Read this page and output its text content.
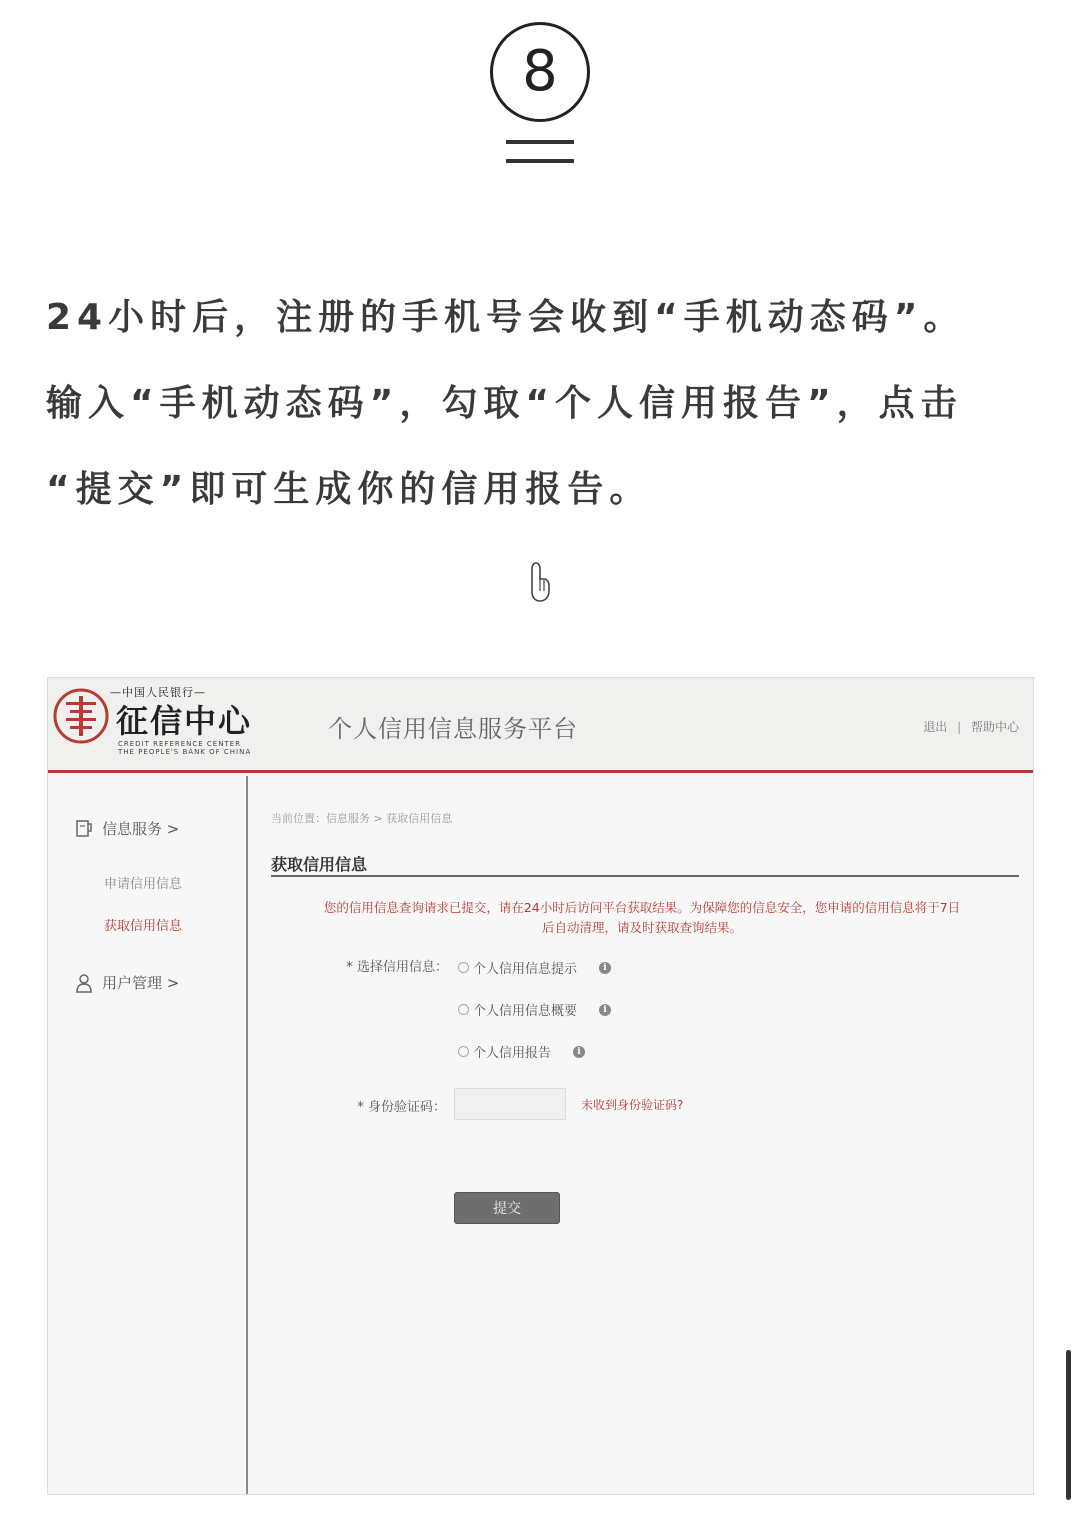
8

24小时后，注册的手机号会收到“手机动态码”。

输入“手机动态码”，勾取“个人信用报告”，点击

“提交”即可生成你的信用报告。

—中国人民银行—
征信中心
CREDIT REFERENCE CENTER
THE PEOPLE'S BANK OF CHINA
个人信用信息服务平台	退出 | 帮助中心
信息服务 >
申请信用信息
获取信用信息
用户管理 >
当前位置：信息服务 > 获取信用信息
获取信用信息
您的信用信息查询请求已提交，请在24小时后访问平台获取结果。为保障您的信息安全，您申请的信用信息将于7日
后自动清理，请及时获取查询结果。
* 选择信用信息： 个人信用信息提示	i
个人信用信息概要	i
个人信用报告	i
* 身份验证码：	未收到身份验证码?
提交
